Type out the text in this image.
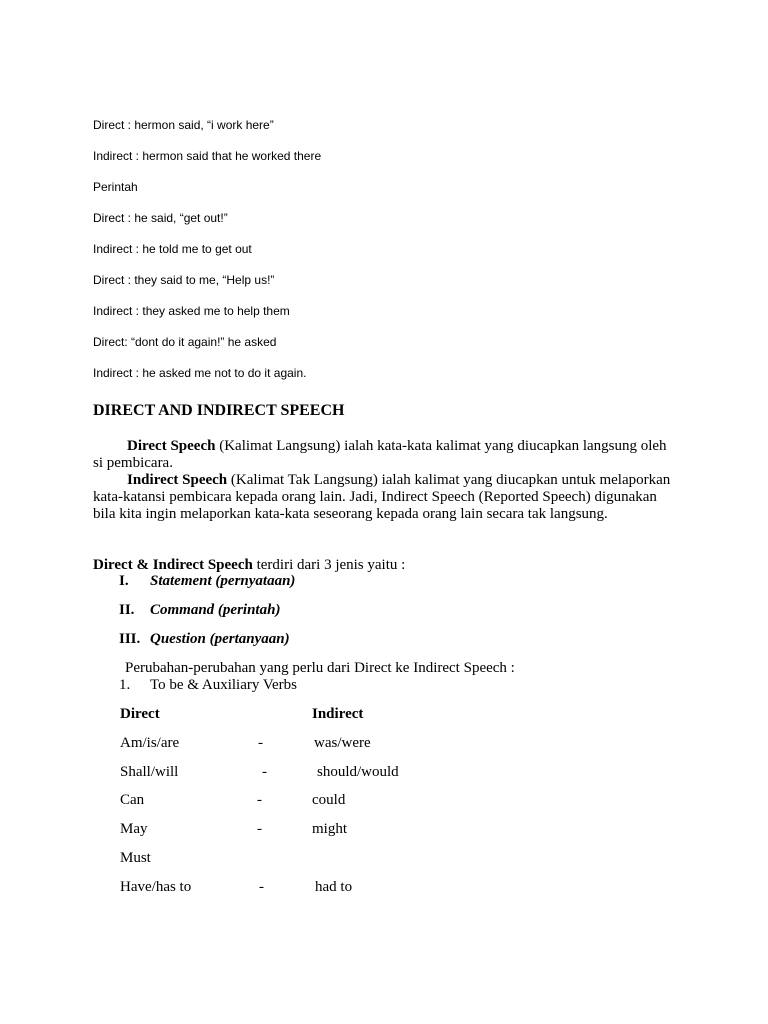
Direct : hermon said, “i work here”
Indirect : hermon said that he worked there
Perintah
Direct : he said, “get out!”
Indirect : he told me to get out
Direct : they said to me, “Help us!”
Indirect : they asked me to help them
Direct: “dont do it again!” he asked
Indirect : he asked me not to do it again.
DIRECT AND INDIRECT SPEECH
Direct Speech (Kalimat Langsung) ialah kata-kata kalimat yang diucapkan langsung oleh si pembicara.
Indirect Speech (Kalimat Tak Langsung) ialah kalimat yang diucapkan untuk melaporkan kata-katansi pembicara kepada orang lain. Jadi, Indirect Speech (Reported Speech) digunakan bila kita ingin melaporkan kata-kata seseorang kepada orang lain secara tak langsung.
Direct & Indirect Speech terdiri dari 3 jenis yaitu :
I. Statement (pernyataan)
II. Command (perintah)
III. Question (pertanyaan)
Perubahan-perubahan yang perlu dari Direct ke Indirect Speech :
1. To be & Auxiliary Verbs
Direct	Indirect
Am/is/are	-	was/were
Shall/will	-	should/would
Can	-	could
May	-	might
Must
Have/has to	-	had to
